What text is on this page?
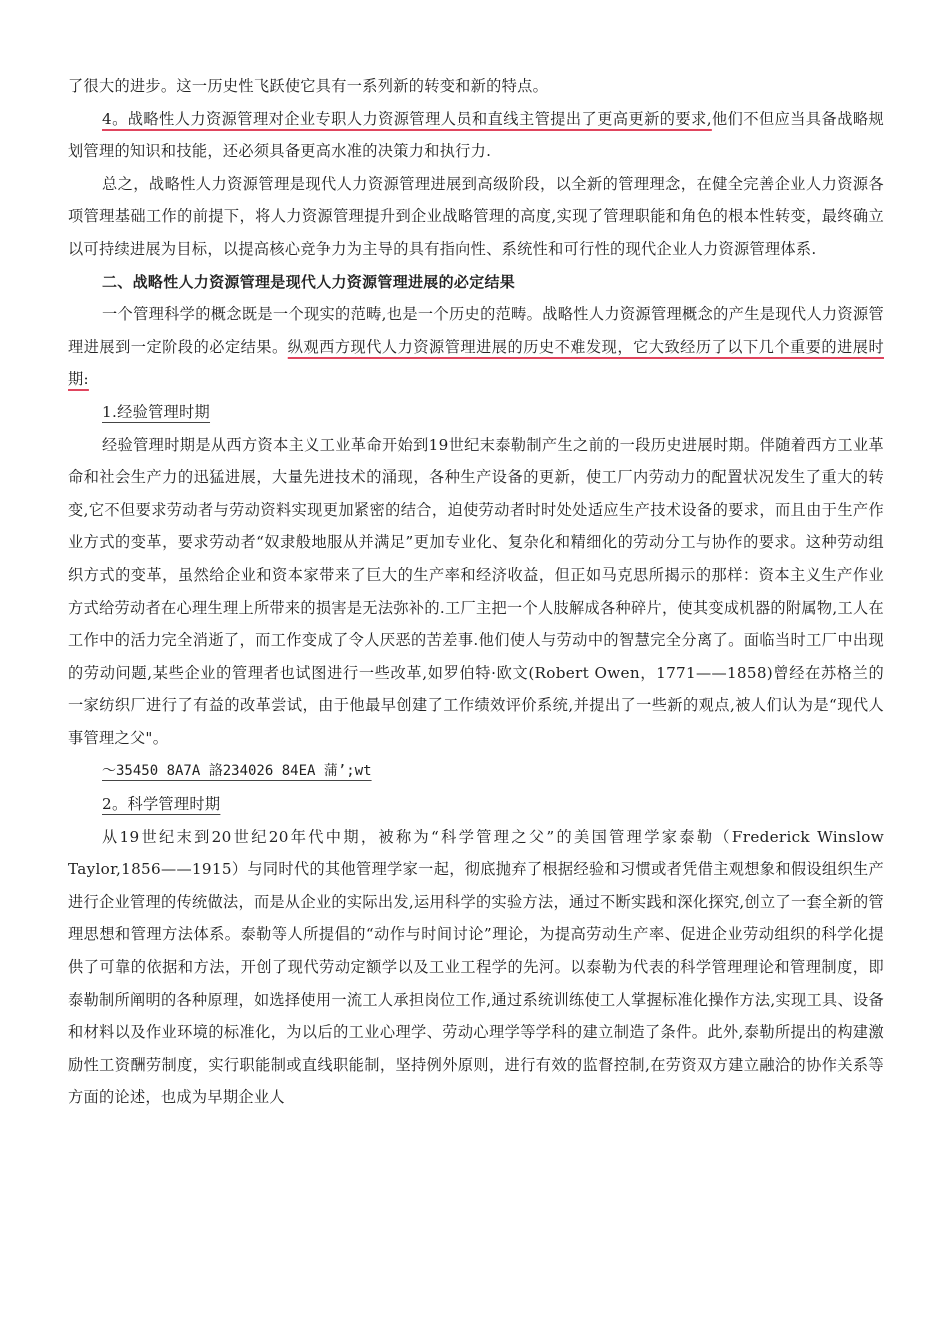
了很大的进步。这一历史性飞跃使它具有一系列新的转变和新的特点。

4。战略性人力资源管理对企业专职人力资源管理人员和直线主管提出了更高更新的要求,他们不但应当具备战略规划管理的知识和技能，还必须具备更高水准的决策力和执行力.

总之，战略性人力资源管理是现代人力资源管理进展到高级阶段，以全新的管理理念，在健全完善企业人力资源各项管理基础工作的前提下，将人力资源管理提升到企业战略管理的高度,实现了管理职能和角色的根本性转变，最终确立以可持续进展为目标，以提高核心竞争力为主导的具有指向性、系统性和可行性的现代企业人力资源管理体系.

二、战略性人力资源管理是现代人力资源管理进展的必定结果

一个管理科学的概念既是一个现实的范畴,也是一个历史的范畴。战略性人力资源管理概念的产生是现代人力资源管理进展到一定阶段的必定结果。纵观西方现代人力资源管理进展的历史不难发现，它大致经历了以下几个重要的进展时期:

1.经验管理时期

经验管理时期是从西方资本主义工业革命开始到19世纪末泰勒制产生之前的一段历史进展时期。伴随着西方工业革命和社会生产力的迅猛进展，大量先进技术的涌现，各种生产设备的更新，使工厂内劳动力的配置状况发生了重大的转变,它不但要求劳动者与劳动资料实现更加紧密的结合，迫使劳动者时时处处适应生产技术设备的要求，而且由于生产作业方式的变革，要求劳动者“奴隶般地服从并满足”更加专业化、复杂化和精细化的劳动分工与协作的要求。这种劳动组织方式的变革，虽然给企业和资本家带来了巨大的生产率和经济收益，但正如马克思所揭示的那样：资本主义生产作业方式给劳动者在心理生理上所带来的损害是无法弥补的.工厂主把一个人肢解成各种碎片，使其变成机器的附属物,工人在工作中的活力完全消逝了，而工作变成了令人厌恶的苦差事.他们使人与劳动中的智慧完全分离了。面临当时工厂中出现的劳动问题,某些企业的管理者也试图进行一些改革,如罗伯特·欧文(Robert Owen，1771——1858)曾经在苏格兰的一家纺织厂进行了有益的改革尝试，由于他最早创建了工作绩效评价系统,并提出了一些新的观点,被人们认为是“现代人事管理之父"。

～35450 8A7A 詻234026 84EA 蒲’;wt

2。科学管理时期

从19世纪末到20世纪20年代中期，被称为“科学管理之父”的美国管理学家泰勒（Frederick Winslow Taylor,1856——1915）与同时代的其他管理学家一起，彻底抛弃了根据经验和习惯或者凭借主观想象和假设组织生产进行企业管理的传统做法，而是从企业的实际出发,运用科学的实验方法，通过不断实践和深化探究,创立了一套全新的管理思想和管理方法体系。泰勒等人所提倡的“动作与时间讨论”理论，为提高劳动生产率、促进企业劳动组织的科学化提供了可靠的依据和方法，开创了现代劳动定额学以及工业工程学的先河。以泰勒为代表的科学管理理论和管理制度，即泰勒制所阐明的各种原理，如选择使用一流工人承担岗位工作,通过系统训练使工人掌握标准化操作方法,实现工具、设备和材料以及作业环境的标准化，为以后的工业心理学、劳动心理学等学科的建立制造了条件。此外,泰勒所提出的构建激励性工资酬劳制度，实行职能制或直线职能制，坚持例外原则，进行有效的监督控制,在劳资双方建立融洽的协作关系等方面的论述，也成为早期企业人
